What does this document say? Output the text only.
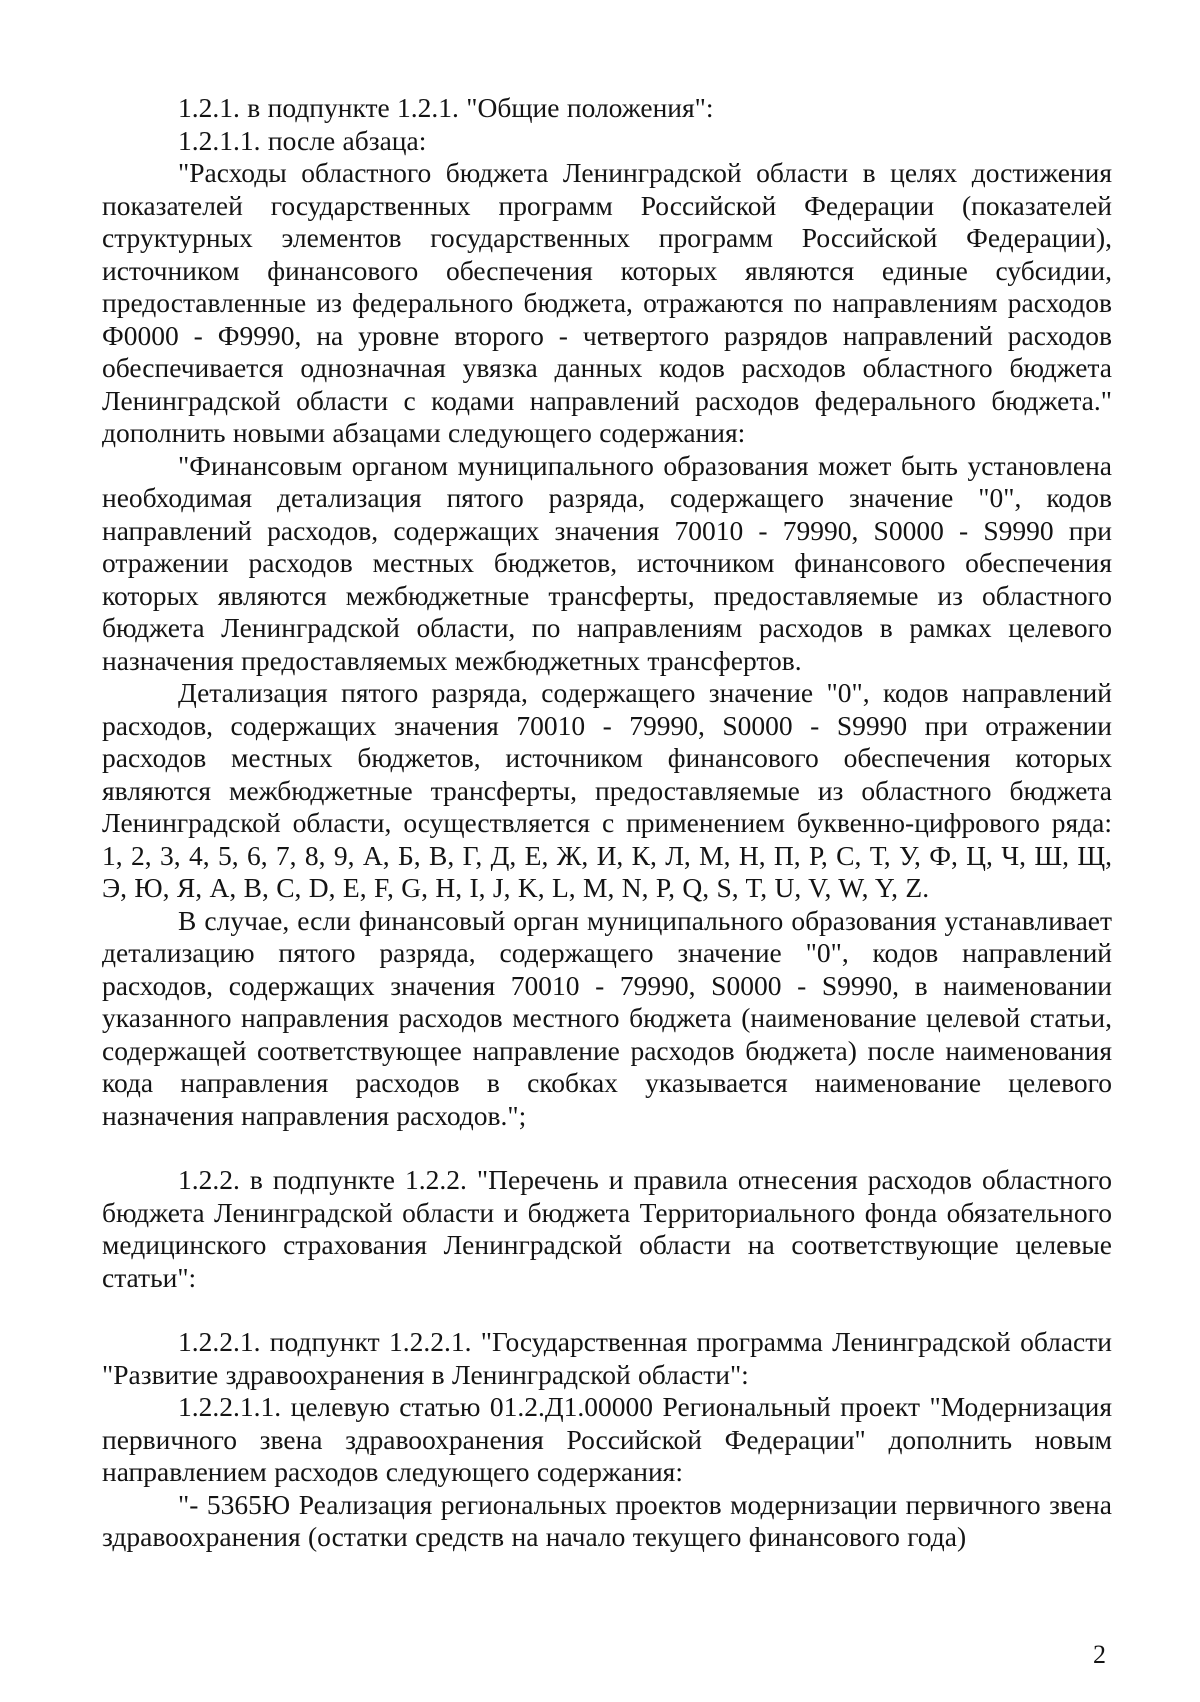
1.2.1. в подпункте 1.2.1. "Общие положения":

1.2.1.1. после абзаца:

"Расходы областного бюджета Ленинградской области в целях достижения показателей государственных программ Российской Федерации (показателей структурных элементов государственных программ Российской Федерации), источником финансового обеспечения которых являются единые субсидии, предоставленные из федерального бюджета, отражаются по направлениям расходов Ф0000 - Ф9990, на уровне второго - четвертого разрядов направлений расходов обеспечивается однозначная увязка данных кодов расходов областного бюджета Ленинградской области с кодами направлений расходов федерального бюджета." дополнить новыми абзацами следующего содержания:

"Финансовым органом муниципального образования может быть установлена необходимая детализация пятого разряда, содержащего значение "0", кодов направлений расходов, содержащих значения 70010 - 79990, S0000 - S9990 при отражении расходов местных бюджетов, источником финансового обеспечения которых являются межбюджетные трансферты, предоставляемые из областного бюджета Ленинградской области, по направлениям расходов в рамках целевого назначения предоставляемых межбюджетных трансфертов.

Детализация пятого разряда, содержащего значение "0", кодов направлений расходов, содержащих значения 70010 - 79990, S0000 - S9990 при отражении расходов местных бюджетов, источником финансового обеспечения которых являются межбюджетные трансферты, предоставляемые из областного бюджета Ленинградской области, осуществляется с применением буквенно-цифрового ряда: 1, 2, 3, 4, 5, 6, 7, 8, 9, А, Б, В, Г, Д, Е, Ж, И, К, Л, М, Н, П, Р, С, Т, У, Ф, Ц, Ч, Ш, Щ, Э, Ю, Я, A, B, C, D, E, F, G, H, I, J, K, L, M, N, P, Q, S, T, U, V, W, Y, Z.

В случае, если финансовый орган муниципального образования устанавливает детализацию пятого разряда, содержащего значение "0", кодов направлений расходов, содержащих значения 70010 - 79990, S0000 - S9990, в наименовании указанного направления расходов местного бюджета (наименование целевой статьи, содержащей соответствующее направление расходов бюджета) после наименования кода направления расходов в скобках указывается наименование целевого назначения направления расходов.";

1.2.2. в подпункте 1.2.2. "Перечень и правила отнесения расходов областного бюджета Ленинградской области и бюджета Территориального фонда обязательного медицинского страхования Ленинградской области на соответствующие целевые статьи":

1.2.2.1. подпункт 1.2.2.1. "Государственная программа Ленинградской области "Развитие здравоохранения в Ленинградской области":

1.2.2.1.1. целевую статью 01.2.Д1.00000 Региональный проект "Модернизация первичного звена здравоохранения Российской Федерации" дополнить новым направлением расходов следующего содержания:

"- 5365Ю Реализация региональных проектов модернизации первичного звена здравоохранения (остатки средств на начало текущего финансового года)

2
